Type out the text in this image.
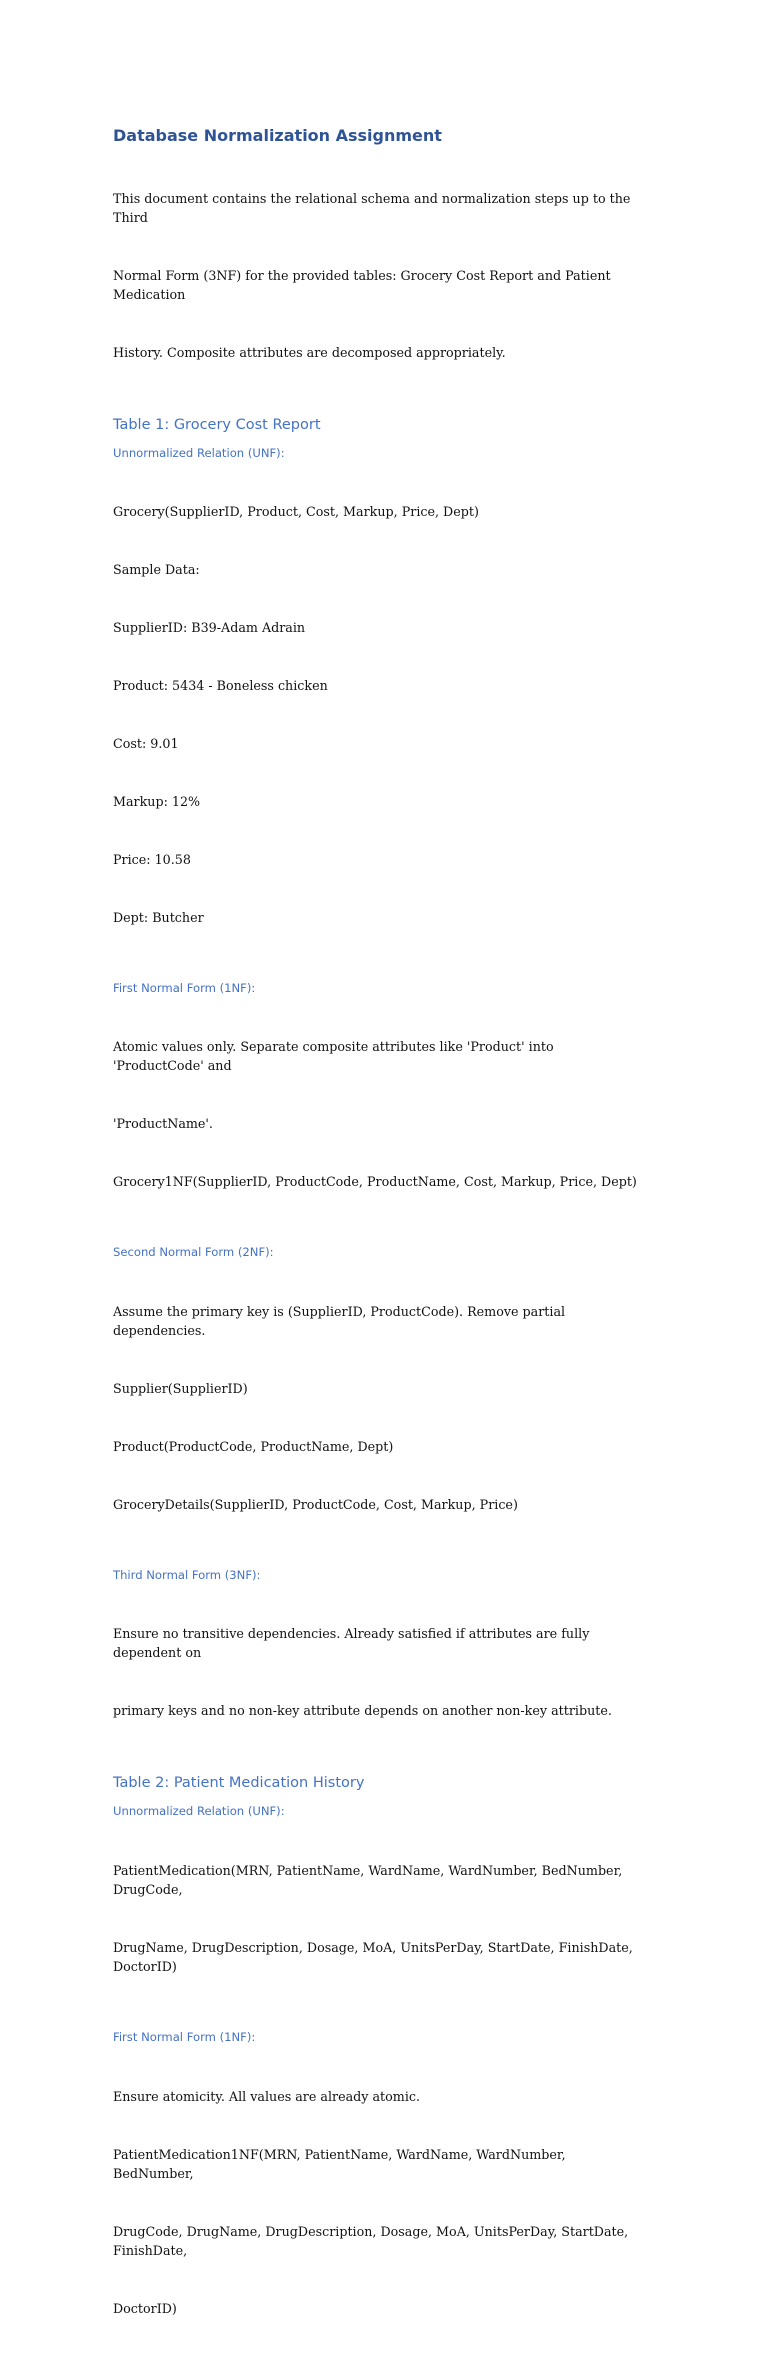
Database Normalization Assignment

This document contains the relational schema and normalization steps up to the Third

Normal Form (3NF) for the provided tables: Grocery Cost Report and Patient Medication

History. Composite attributes are decomposed appropriately.

Table 1: Grocery Cost Report
Unnormalized Relation (UNF):

Grocery(SupplierID, Product, Cost, Markup, Price, Dept)

Sample Data:

SupplierID: B39-Adam Adrain

Product: 5434 - Boneless chicken

Cost: 9.01

Markup: 12%

Price: 10.58

Dept: Butcher

First Normal Form (1NF):

Atomic values only. Separate composite attributes like 'Product' into 'ProductCode' and

'ProductName'.

Grocery1NF(SupplierID, ProductCode, ProductName, Cost, Markup, Price, Dept)

Second Normal Form (2NF):

Assume the primary key is (SupplierID, ProductCode). Remove partial dependencies.

Supplier(SupplierID)

Product(ProductCode, ProductName, Dept)

GroceryDetails(SupplierID, ProductCode, Cost, Markup, Price)

Third Normal Form (3NF):

Ensure no transitive dependencies. Already satisfied if attributes are fully dependent on

primary keys and no non-key attribute depends on another non-key attribute.

Table 2: Patient Medication History
Unnormalized Relation (UNF):

PatientMedication(MRN, PatientName, WardName, WardNumber, BedNumber, DrugCode,

DrugName, DrugDescription, Dosage, MoA, UnitsPerDay, StartDate, FinishDate, DoctorID)

First Normal Form (1NF):

Ensure atomicity. All values are already atomic.

PatientMedication1NF(MRN, PatientName, WardName, WardNumber, BedNumber,

DrugCode, DrugName, DrugDescription, Dosage, MoA, UnitsPerDay, StartDate, FinishDate,

DoctorID)
